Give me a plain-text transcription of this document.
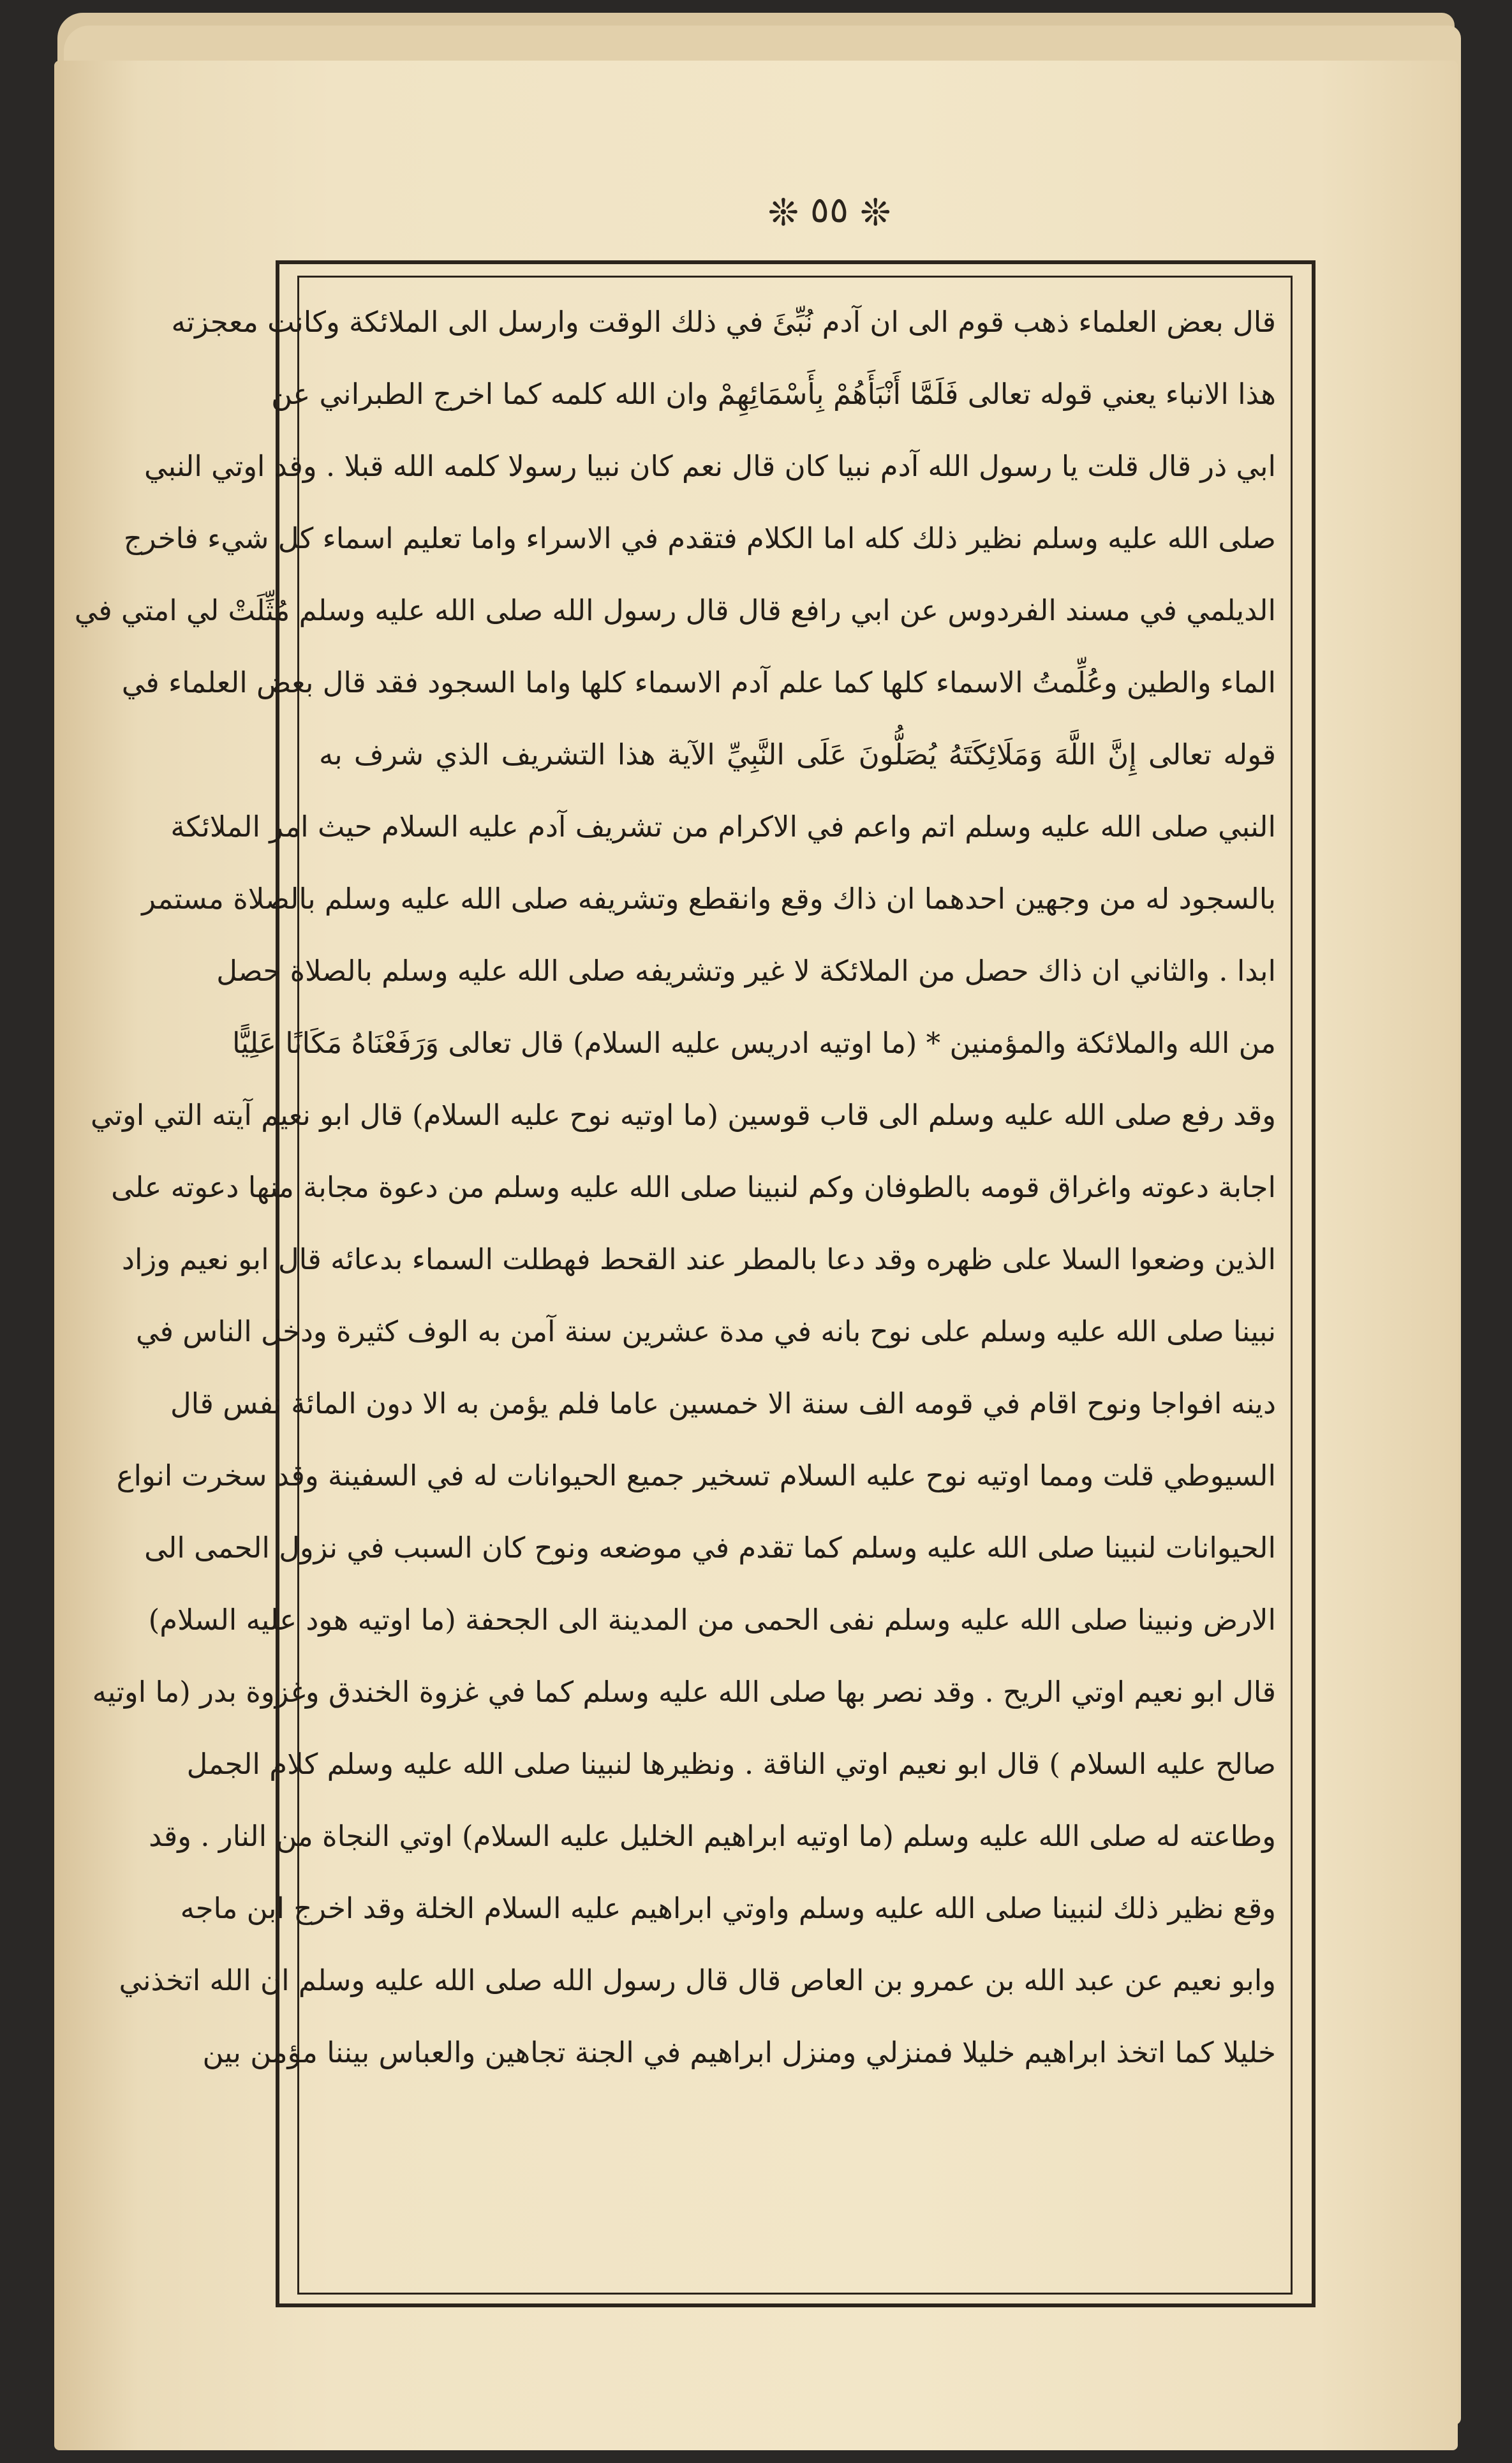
❊ ٥٥ ❊
قال بعض العلماء ذهب قوم الى ان آدم نُبِّئَ في ذلك الوقت وارسل الى الملائكة وكانت معجزته
هذا الانباء يعني قوله تعالى فَلَمَّا أَنْبَأَهُمْ بِأَسْمَائِهِمْ وان الله كلمه كما اخرج الطبراني عن
ابي ذر قال قلت يا رسول الله آدم نبيا كان قال نعم كان نبيا رسولا كلمه الله قبلا . وقد اوتي النبي
صلى الله عليه وسلم نظير ذلك كله اما الكلام فتقدم في الاسراء واما تعليم اسماء كل شيء فاخرج
الديلمي في مسند الفردوس عن ابي رافع قال قال رسول الله صلى الله عليه وسلم مُثِّلَتْ لي امتي في
الماء والطين وعُلِّمتُ الاسماء كلها كما علم آدم الاسماء كلها واما السجود فقد قال بعض العلماء في
قوله تعالى إِنَّ اللَّهَ وَمَلَائِكَتَهُ يُصَلُّونَ عَلَى النَّبِيِّ الآية هذا التشريف الذي شرف به
النبي صلى الله عليه وسلم اتم واعم في الاكرام من تشريف آدم عليه السلام حيث امر الملائكة
بالسجود له من وجهين احدهما ان ذاك وقع وانقطع وتشريفه صلى الله عليه وسلم بالصلاة مستمر
ابدا . والثاني ان ذاك حصل من الملائكة لا غير وتشريفه صلى الله عليه وسلم بالصلاة حصل
من الله والملائكة والمؤمنين * (ما اوتيه ادريس عليه السلام) قال تعالى وَرَفَعْنَاهُ مَكَانًا عَلِيًّا
وقد رفع صلى الله عليه وسلم الى قاب قوسين (ما اوتيه نوح عليه السلام) قال ابو نعيم آيته التي اوتي
اجابة دعوته واغراق قومه بالطوفان وكم لنبينا صلى الله عليه وسلم من دعوة مجابة منها دعوته على
الذين وضعوا السلا على ظهره وقد دعا بالمطر عند القحط فهطلت السماء بدعائه قال ابو نعيم وزاد
نبينا صلى الله عليه وسلم على نوح بانه في مدة عشرين سنة آمن به الوف كثيرة ودخل الناس في
دينه افواجا ونوح اقام في قومه الف سنة الا خمسين عاما فلم يؤمن به الا دون المائة نفس قال
السيوطي قلت ومما اوتيه نوح عليه السلام تسخير جميع الحيوانات له في السفينة وقد سخرت انواع
الحيوانات لنبينا صلى الله عليه وسلم كما تقدم في موضعه ونوح كان السبب في نزول الحمى الى
الارض ونبينا صلى الله عليه وسلم نفى الحمى من المدينة الى الجحفة (ما اوتيه هود عليه السلام)
قال ابو نعيم اوتي الريح . وقد نصر بها صلى الله عليه وسلم كما في غزوة الخندق وغزوة بدر (ما اوتيه
صالح عليه السلام ) قال ابو نعيم اوتي الناقة . ونظيرها لنبينا صلى الله عليه وسلم كلام الجمل
وطاعته له صلى الله عليه وسلم (ما اوتيه ابراهيم الخليل عليه السلام) اوتي النجاة من النار . وقد
وقع نظير ذلك لنبينا صلى الله عليه وسلم واوتي ابراهيم عليه السلام الخلة وقد اخرج ابن ماجه
وابو نعيم عن عبد الله بن عمرو بن العاص قال قال رسول الله صلى الله عليه وسلم ان الله اتخذني
خليلا كما اتخذ ابراهيم خليلا فمنزلي ومنزل ابراهيم في الجنة تجاهين والعباس بيننا مؤمن بين
